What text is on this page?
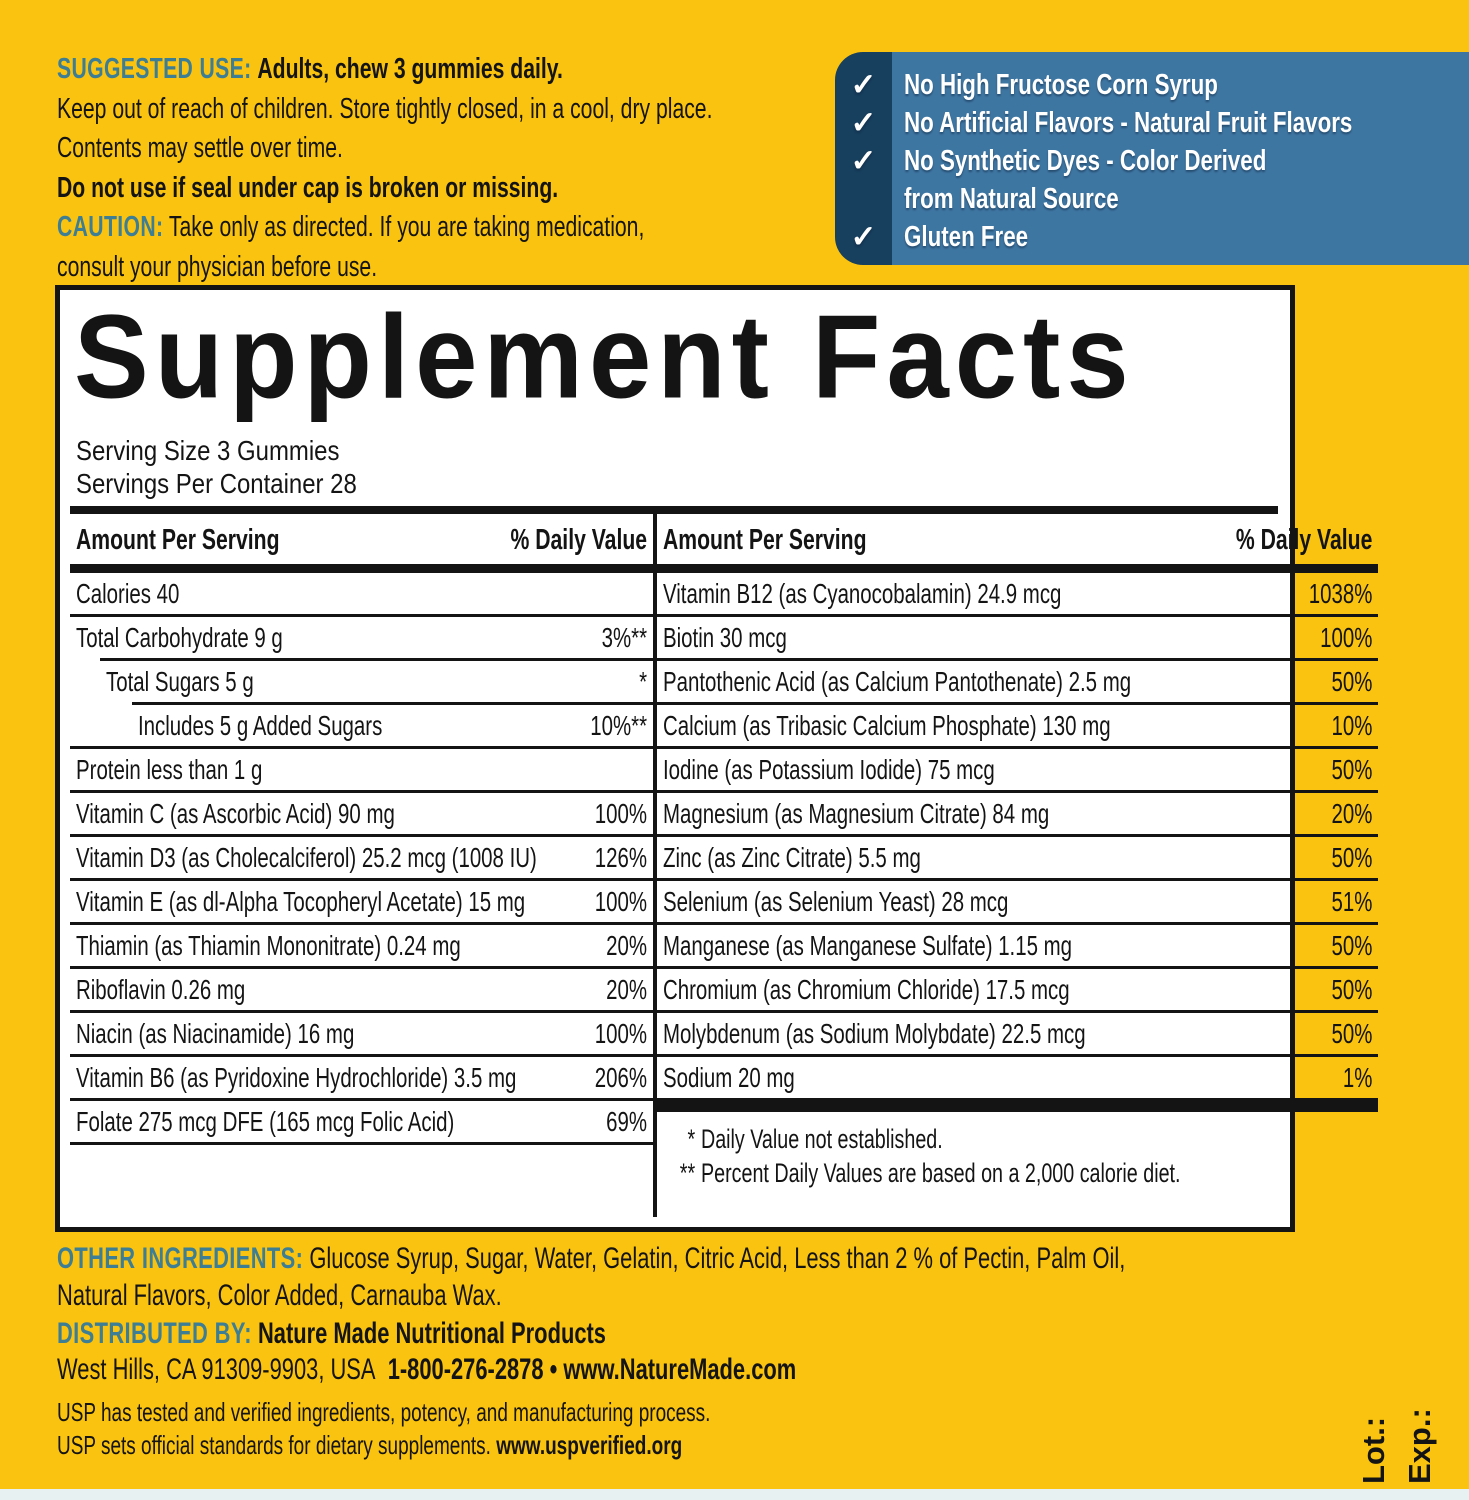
SUGGESTED USE: Adults, chew 3 gummies daily.
Keep out of reach of children. Store tightly closed, in a cool, dry place.
Contents may settle over time.
Do not use if seal under cap is broken or missing.
CAUTION: Take only as directed. If you are taking medication,
consult your physician before use.
✓ No High Fructose Corn Syrup
✓ No Artificial Flavors - Natural Fruit Flavors
✓ No Synthetic Dyes - Color Derived
from Natural Source
✓ Gluten Free
Supplement Facts
Serving Size 3 Gummies
Servings Per Container 28
Amount Per Serving	% Daily Value
Calories 40
Total Carbohydrate 9 g	3%**
Total Sugars 5 g	*
Includes 5 g Added Sugars	10%**
Protein less than 1 g
Vitamin C (as Ascorbic Acid) 90 mg	100%
Vitamin D3 (as Cholecalciferol) 25.2 mcg (1008 IU)	126%
Vitamin E (as dl-Alpha Tocopheryl Acetate) 15 mg	100%
Thiamin (as Thiamin Mononitrate) 0.24 mg	20%
Riboflavin 0.26 mg	20%
Niacin (as Niacinamide) 16 mg	100%
Vitamin B6 (as Pyridoxine Hydrochloride) 3.5 mg	206%
Folate 275 mcg DFE (165 mcg Folic Acid)	69%
Amount Per Serving	% Daily Value
Vitamin B12 (as Cyanocobalamin) 24.9 mcg	1038%
Biotin 30 mcg	100%
Pantothenic Acid (as Calcium Pantothenate) 2.5 mg	50%
Calcium (as Tribasic Calcium Phosphate) 130 mg	10%
Iodine (as Potassium Iodide) 75 mcg	50%
Magnesium (as Magnesium Citrate) 84 mg	20%
Zinc (as Zinc Citrate) 5.5 mg	50%
Selenium (as Selenium Yeast) 28 mcg	51%
Manganese (as Manganese Sulfate) 1.15 mg	50%
Chromium (as Chromium Chloride) 17.5 mcg	50%
Molybdenum (as Sodium Molybdate) 22.5 mcg	50%
Sodium 20 mg	1%
* Daily Value not established.
** Percent Daily Values are based on a 2,000 calorie diet.
OTHER INGREDIENTS: Glucose Syrup, Sugar, Water, Gelatin, Citric Acid, Less than 2 % of Pectin, Palm Oil,
Natural Flavors, Color Added, Carnauba Wax.
DISTRIBUTED BY: Nature Made Nutritional Products
West Hills, CA 91309-9903, USA 1-800-276-2878 • www.NatureMade.com
USP has tested and verified ingredients, potency, and manufacturing process.
USP sets official standards for dietary supplements. www.uspverified.org	Lot.: Exp.:
